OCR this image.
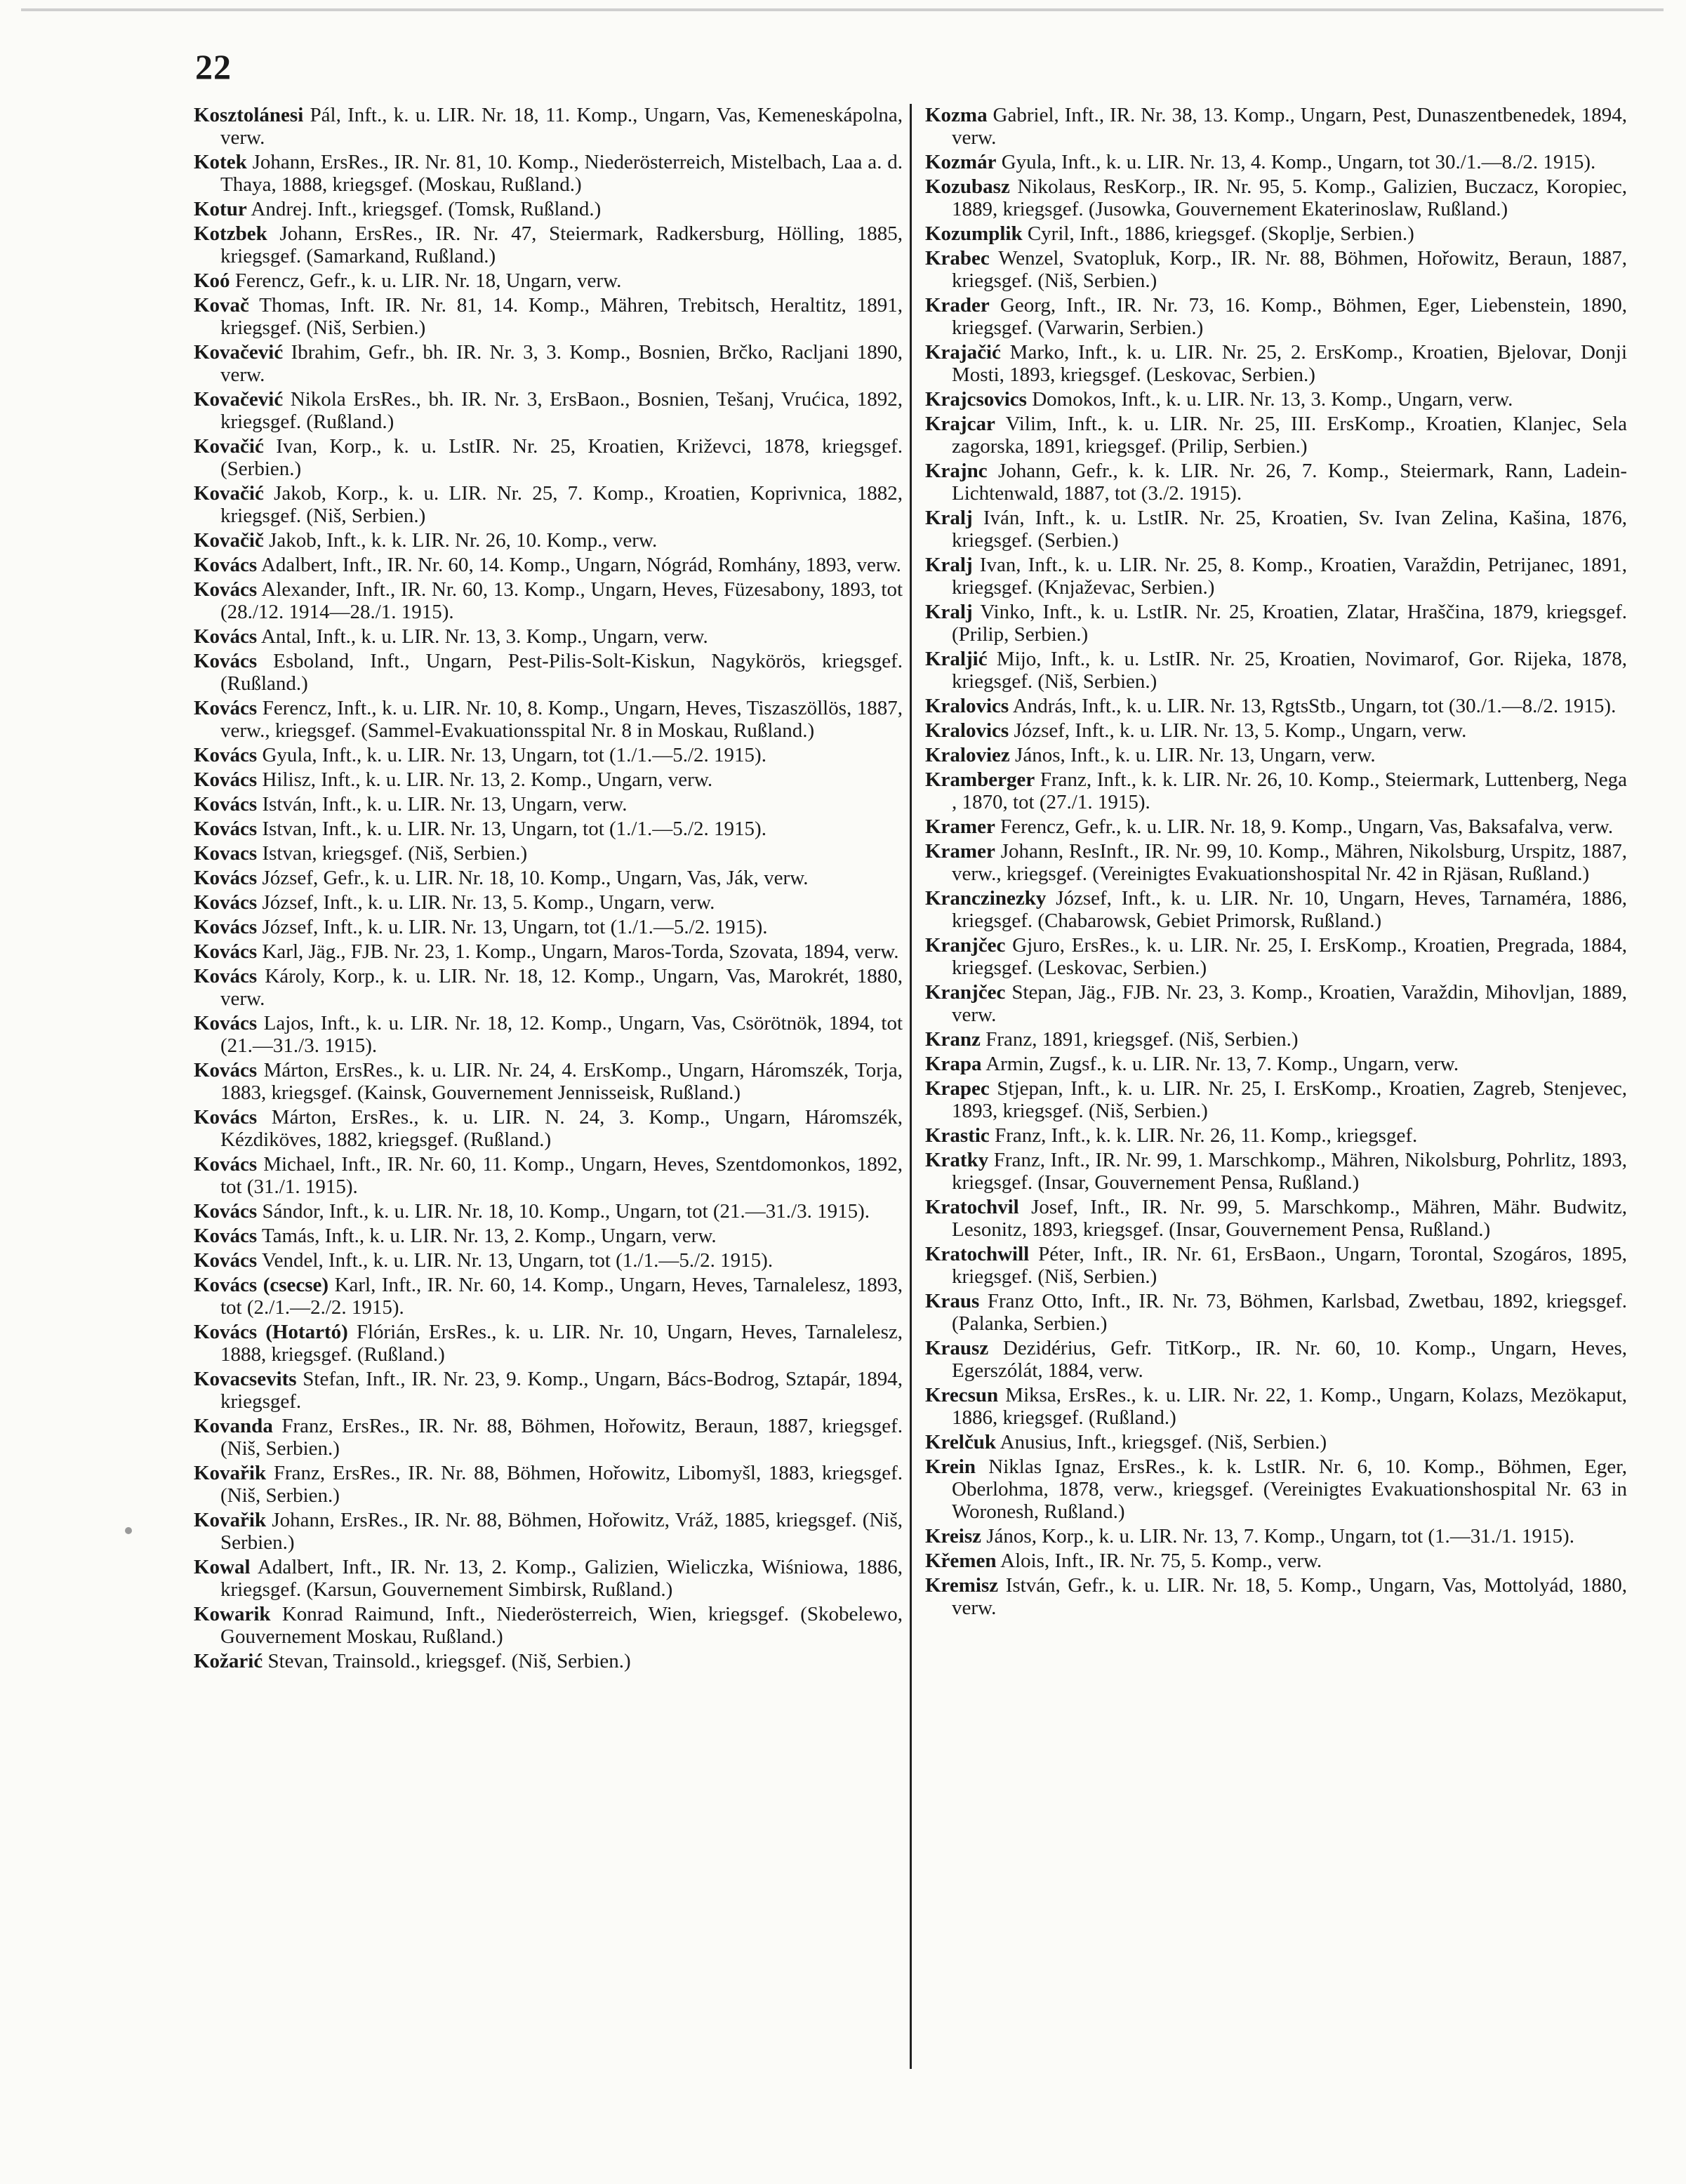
22

Kosztolánesi Pál, Inft., k. u. LIR. Nr. 18, 11. Komp., Ungarn, Vas, Kemeneskápolna, verw.

Kotek Johann, ErsRes., IR. Nr. 81, 10. Komp., Niederösterreich, Mistelbach, Laa a. d. Thaya, 1888, kriegsgef. (Moskau, Rußland.)

Kotur Andrej. Inft., kriegsgef. (Tomsk, Rußland.)

Kotzbek Johann, ErsRes., IR. Nr. 47, Steiermark, Radkersburg, Hölling, 1885, kriegsgef. (Samarkand, Rußland.)

Koó Ferencz, Gefr., k. u. LIR. Nr. 18, Ungarn, verw.

Kovač Thomas, Inft. IR. Nr. 81, 14. Komp., Mähren, Trebitsch, Heraltitz, 1891, kriegsgef. (Niš, Serbien.)

Kovačević Ibrahim, Gefr., bh. IR. Nr. 3, 3. Komp., Bosnien, Brčko, Racljani 1890, verw.

Kovačević Nikola ErsRes., bh. IR. Nr. 3, ErsBaon., Bosnien, Tešanj, Vrućica, 1892, kriegsgef. (Rußland.)

Kovačić Ivan, Korp., k. u. LstIR. Nr. 25, Kroatien, Križevci, 1878, kriegsgef. (Serbien.)

Kovačić Jakob, Korp., k. u. LIR. Nr. 25, 7. Komp., Kroatien, Koprivnica, 1882, kriegsgef. (Niš, Serbien.)

Kovačič Jakob, Inft., k. k. LIR. Nr. 26, 10. Komp., verw.

Kovács Adalbert, Inft., IR. Nr. 60, 14. Komp., Ungarn, Nógrád, Romhány, 1893, verw.

Kovács Alexander, Inft., IR. Nr. 60, 13. Komp., Ungarn, Heves, Füzesabony, 1893, tot (28./12. 1914—28./1. 1915).

Kovács Antal, Inft., k. u. LIR. Nr. 13, 3. Komp., Ungarn, verw.

Kovács Esboland, Inft., Ungarn, Pest-Pilis-Solt-Kiskun, Nagykörös, kriegsgef. (Rußland.)

Kovács Ferencz, Inft., k. u. LIR. Nr. 10, 8. Komp., Ungarn, Heves, Tiszaszöllös, 1887, verw., kriegsgef. (Sammel-Evakuationsspital Nr. 8 in Moskau, Rußland.)

Kovács Gyula, Inft., k. u. LIR. Nr. 13, Ungarn, tot (1./1.—5./2. 1915).

Kovács Hilisz, Inft., k. u. LIR. Nr. 13, 2. Komp., Ungarn, verw.

Kovács István, Inft., k. u. LIR. Nr. 13, Ungarn, verw.

Kovács Istvan, Inft., k. u. LIR. Nr. 13, Ungarn, tot (1./1.—5./2. 1915).

Kovacs Istvan, kriegsgef. (Niš, Serbien.)

Kovács József, Gefr., k. u. LIR. Nr. 18, 10. Komp., Ungarn, Vas, Ják, verw.

Kovács József, Inft., k. u. LIR. Nr. 13, 5. Komp., Ungarn, verw.

Kovács József, Inft., k. u. LIR. Nr. 13, Ungarn, tot (1./1.—5./2. 1915).

Kovács Karl, Jäg., FJB. Nr. 23, 1. Komp., Ungarn, Maros-Torda, Szovata, 1894, verw.

Kovács Károly, Korp., k. u. LIR. Nr. 18, 12. Komp., Ungarn, Vas, Marokrét, 1880, verw.

Kovács Lajos, Inft., k. u. LIR. Nr. 18, 12. Komp., Ungarn, Vas, Csörötnök, 1894, tot (21.—31./3. 1915).

Kovács Márton, ErsRes., k. u. LIR. Nr. 24, 4. ErsKomp., Ungarn, Háromszék, Torja, 1883, kriegsgef. (Kainsk, Gouvernement Jennisseisk, Rußland.)

Kovács Márton, ErsRes., k. u. LIR. N. 24, 3. Komp., Ungarn, Háromszék, Kézdiköves, 1882, kriegsgef. (Rußland.)

Kovács Michael, Inft., IR. Nr. 60, 11. Komp., Ungarn, Heves, Szentdomonkos, 1892, tot (31./1. 1915).

Kovács Sándor, Inft., k. u. LIR. Nr. 18, 10. Komp., Ungarn, tot (21.—31./3. 1915).

Kovács Tamás, Inft., k. u. LIR. Nr. 13, 2. Komp., Ungarn, verw.

Kovács Vendel, Inft., k. u. LIR. Nr. 13, Ungarn, tot (1./1.—5./2. 1915).

Kovács (csecse) Karl, Inft., IR. Nr. 60, 14. Komp., Ungarn, Heves, Tarnalelesz, 1893, tot (2./1.—2./2. 1915).

Kovács (Hotartó) Flórián, ErsRes., k. u. LIR. Nr. 10, Ungarn, Heves, Tarnalelesz, 1888, kriegsgef. (Rußland.)

Kovacsevits Stefan, Inft., IR. Nr. 23, 9. Komp., Ungarn, Bács-Bodrog, Sztapár, 1894, kriegsgef.

Kovanda Franz, ErsRes., IR. Nr. 88, Böhmen, Hořowitz, Beraun, 1887, kriegsgef. (Niš, Serbien.)

Kovařik Franz, ErsRes., IR. Nr. 88, Böhmen, Hořowitz, Libomyšl, 1883, kriegsgef. (Niš, Serbien.)

Kovařik Johann, ErsRes., IR. Nr. 88, Böhmen, Hořowitz, Vráž, 1885, kriegsgef. (Niš, Serbien.)

Kowal Adalbert, Inft., IR. Nr. 13, 2. Komp., Galizien, Wieliczka, Wiśniowa, 1886, kriegsgef. (Karsun, Gouvernement Simbirsk, Rußland.)

Kowarik Konrad Raimund, Inft., Niederösterreich, Wien, kriegsgef. (Skobelewo, Gouvernement Moskau, Rußland.)

Kožarić Stevan, Trainsold., kriegsgef. (Niš, Serbien.)

Kozma Gabriel, Inft., IR. Nr. 38, 13. Komp., Ungarn, Pest, Dunaszentbenedek, 1894, verw.

Kozmár Gyula, Inft., k. u. LIR. Nr. 13, 4. Komp., Ungarn, tot 30./1.—8./2. 1915).

Kozubasz Nikolaus, ResKorp., IR. Nr. 95, 5. Komp., Galizien, Buczacz, Koropiec, 1889, kriegsgef. (Jusowka, Gouvernement Ekaterinoslaw, Rußland.)

Kozumplik Cyril, Inft., 1886, kriegsgef. (Skoplje, Serbien.)

Krabec Wenzel, Svatopluk, Korp., IR. Nr. 88, Böhmen, Hořowitz, Beraun, 1887, kriegsgef. (Niš, Serbien.)

Krader Georg, Inft., IR. Nr. 73, 16. Komp., Böhmen, Eger, Liebenstein, 1890, kriegsgef. (Varwarin, Serbien.)

Krajačić Marko, Inft., k. u. LIR. Nr. 25, 2. ErsKomp., Kroatien, Bjelovar, Donji Mosti, 1893, kriegsgef. (Leskovac, Serbien.)

Krajcsovics Domokos, Inft., k. u. LIR. Nr. 13, 3. Komp., Ungarn, verw.

Krajcar Vilim, Inft., k. u. LIR. Nr. 25, III. ErsKomp., Kroatien, Klanjec, Sela zagorska, 1891, kriegsgef. (Prilip, Serbien.)

Krajnc Johann, Gefr., k. k. LIR. Nr. 26, 7. Komp., Steiermark, Rann, Ladein-Lichtenwald, 1887, tot (3./2. 1915).

Kralj Iván, Inft., k. u. LstIR. Nr. 25, Kroatien, Sv. Ivan Zelina, Kašina, 1876, kriegsgef. (Serbien.)

Kralj Ivan, Inft., k. u. LIR. Nr. 25, 8. Komp., Kroatien, Varaždin, Petrijanec, 1891, kriegsgef. (Knjaževac, Serbien.)

Kralj Vinko, Inft., k. u. LstIR. Nr. 25, Kroatien, Zlatar, Hraščina, 1879, kriegsgef. (Prilip, Serbien.)

Kraljić Mijo, Inft., k. u. LstIR. Nr. 25, Kroatien, Novimarof, Gor. Rijeka, 1878, kriegsgef. (Niš, Serbien.)

Kralovics András, Inft., k. u. LIR. Nr. 13, RgtsStb., Ungarn, tot (30./1.—8./2. 1915).

Kralovics József, Inft., k. u. LIR. Nr. 13, 5. Komp., Ungarn, verw.

Kraloviez János, Inft., k. u. LIR. Nr. 13, Ungarn, verw.

Kramberger Franz, Inft., k. k. LIR. Nr. 26, 10. Komp., Steiermark, Luttenberg, Nega , 1870, tot (27./1. 1915).

Kramer Ferencz, Gefr., k. u. LIR. Nr. 18, 9. Komp., Ungarn, Vas, Baksafalva, verw.

Kramer Johann, ResInft., IR. Nr. 99, 10. Komp., Mähren, Nikolsburg, Urspitz, 1887, verw., kriegsgef. (Vereinigtes Evakuationshospital Nr. 42 in Rjäsan, Rußland.)

Kranczinezky József, Inft., k. u. LIR. Nr. 10, Ungarn, Heves, Tarnaméra, 1886, kriegsgef. (Chabarowsk, Gebiet Primorsk, Rußland.)

Kranjčec Gjuro, ErsRes., k. u. LIR. Nr. 25, I. ErsKomp., Kroatien, Pregrada, 1884, kriegsgef. (Leskovac, Serbien.)

Kranjčec Stepan, Jäg., FJB. Nr. 23, 3. Komp., Kroatien, Varaždin, Mihovljan, 1889, verw.

Kranz Franz, 1891, kriegsgef. (Niš, Serbien.)

Krapa Armin, Zugsf., k. u. LIR. Nr. 13, 7. Komp., Ungarn, verw.

Krapec Stjepan, Inft., k. u. LIR. Nr. 25, I. ErsKomp., Kroatien, Zagreb, Stenjevec, 1893, kriegsgef. (Niš, Serbien.)

Krastic Franz, Inft., k. k. LIR. Nr. 26, 11. Komp., kriegsgef.

Kratky Franz, Inft., IR. Nr. 99, 1. Marschkomp., Mähren, Nikolsburg, Pohrlitz, 1893, kriegsgef. (Insar, Gouvernement Pensa, Rußland.)

Kratochvil Josef, Inft., IR. Nr. 99, 5. Marschkomp., Mähren, Mähr. Budwitz, Lesonitz, 1893, kriegsgef. (Insar, Gouvernement Pensa, Rußland.)

Kratochwill Péter, Inft., IR. Nr. 61, ErsBaon., Ungarn, Torontal, Szogáros, 1895, kriegsgef. (Niš, Serbien.)

Kraus Franz Otto, Inft., IR. Nr. 73, Böhmen, Karlsbad, Zwetbau, 1892, kriegsgef. (Palanka, Serbien.)

Krausz Dezidérius, Gefr. TitKorp., IR. Nr. 60, 10. Komp., Ungarn, Heves, Egerszólát, 1884, verw.

Krecsun Miksa, ErsRes., k. u. LIR. Nr. 22, 1. Komp., Ungarn, Kolazs, Mezökaput, 1886, kriegsgef. (Rußland.)

Krelčuk Anusius, Inft., kriegsgef. (Niš, Serbien.)

Krein Niklas Ignaz, ErsRes., k. k. LstIR. Nr. 6, 10. Komp., Böhmen, Eger, Oberlohma, 1878, verw., kriegsgef. (Vereinigtes Evakuationshospital Nr. 63 in Woronesh, Rußland.)

Kreisz János, Korp., k. u. LIR. Nr. 13, 7. Komp., Ungarn, tot (1.—31./1. 1915).

Křemen Alois, Inft., IR. Nr. 75, 5. Komp., verw.

Kremisz István, Gefr., k. u. LIR. Nr. 18, 5. Komp., Ungarn, Vas, Mottolyád, 1880, verw.
